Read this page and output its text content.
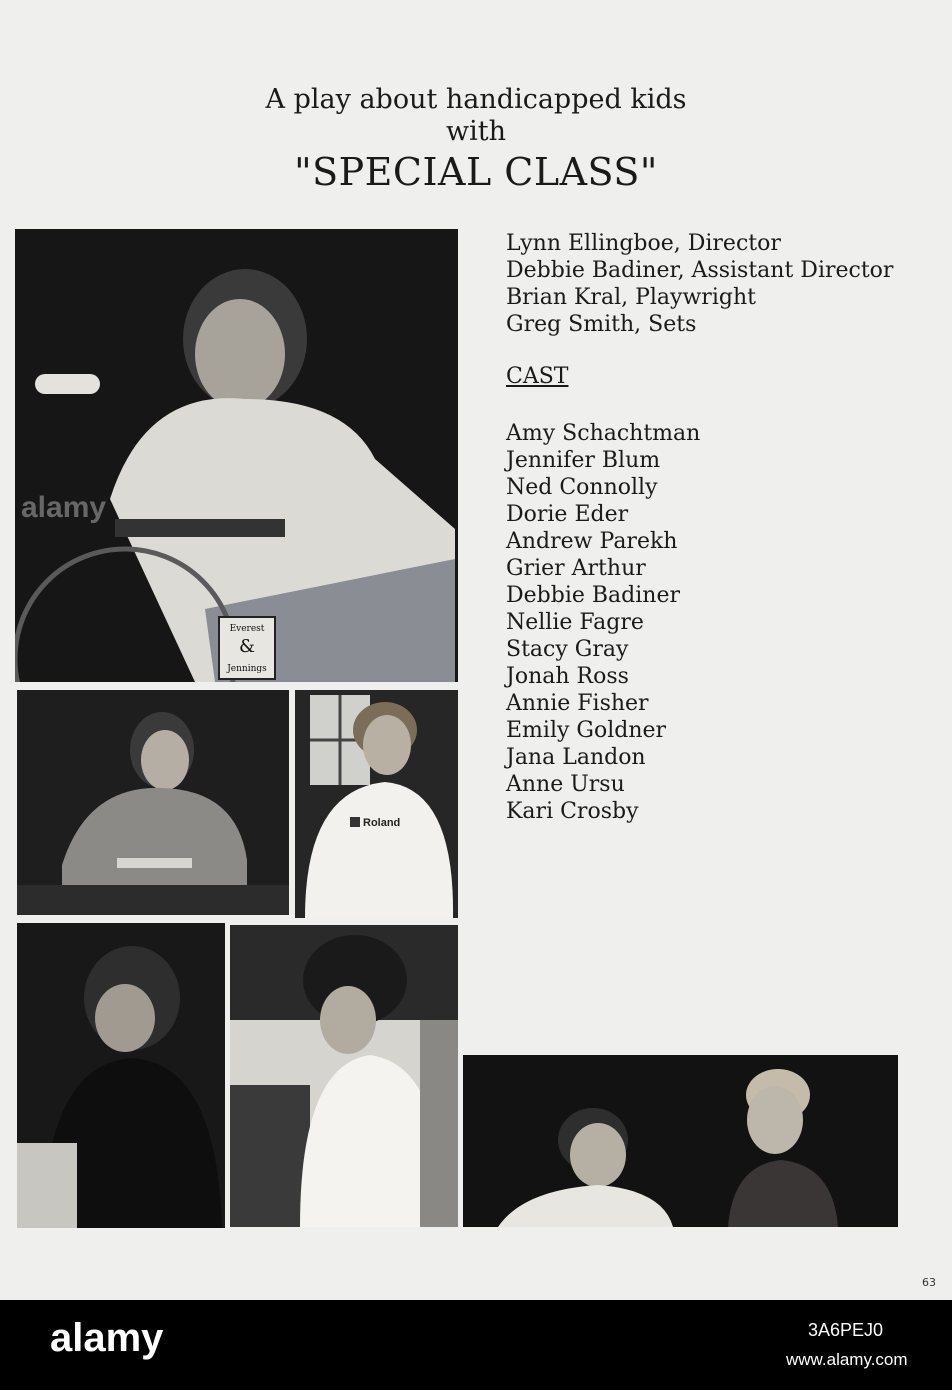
A play about handicapped kids
with
"SPECIAL CLASS"
Everest
&
Jennings
alamy
Roland
Lynn Ellingboe, Director
Debbie Badiner, Assistant Director
Brian Kral, Playwright
Greg Smith, Sets
CAST
Amy Schachtman
Jennifer Blum
Ned Connolly
Dorie Eder
Andrew Parekh
Grier Arthur
Debbie Badiner
Nellie Fagre
Stacy Gray
Jonah Ross
Annie Fisher
Emily Goldner
Jana Landon
Anne Ursu
Kari Crosby
63
alamy	3A6PEJ0
www.alamy.com
